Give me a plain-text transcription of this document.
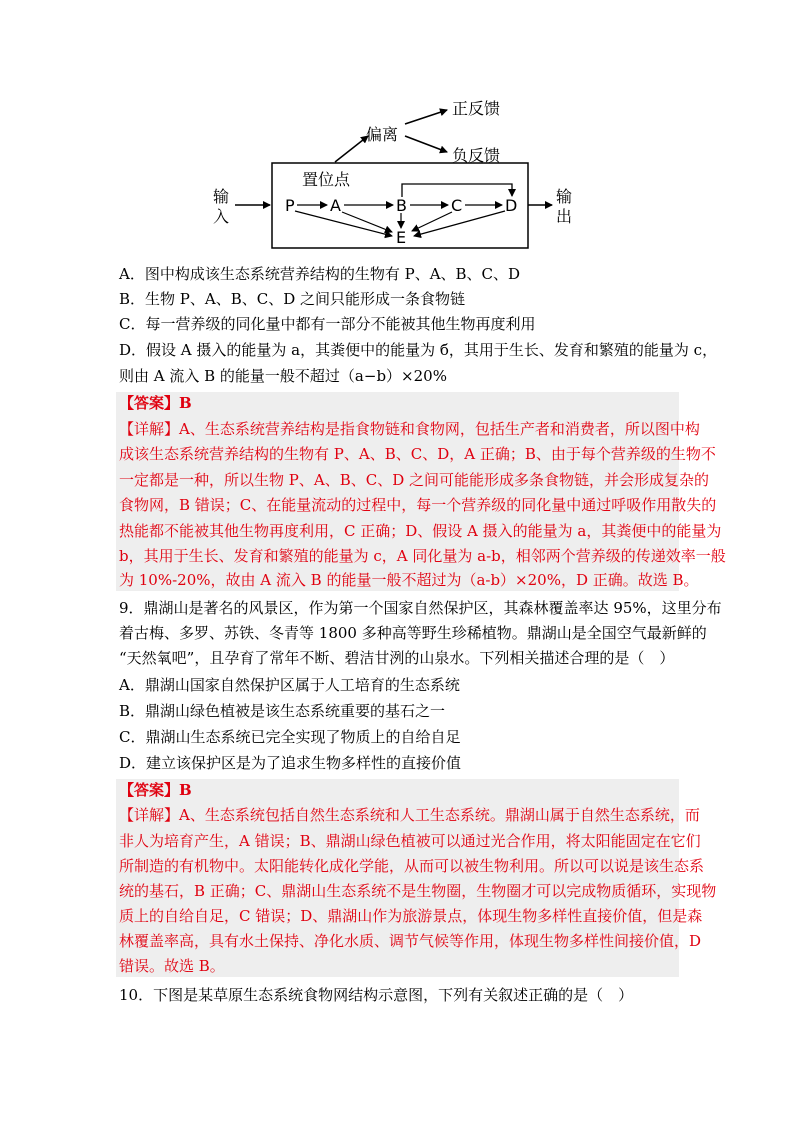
输
入
输
出
置位点
偏离
正反馈
负反馈
P A	B	C	D
E
A．图中构成该生态系统营养结构的生物有 P、A、B、C、D
B．生物 P、A、B、C、D 之间只能形成一条食物链
C．每一营养级的同化量中都有一部分不能被其他生物再度利用
D．假设 A 摄入的能量为 a，其粪便中的能量为 б，其用于生长、发育和繁殖的能量为 c，
则由 A 流入 B 的能量一般不超过（a−b）×20%
【答案】B
【详解】A、生态系统营养结构是指食物链和食物网，包括生产者和消费者，所以图中构
成该生态系统营养结构的生物有 P、A、B、C、D，A 正确；B、由于每个营养级的生物不
一定都是一种，所以生物 P、A、B、C、D 之间可能能形成多条食物链，并会形成复杂的
食物网，B 错误；C、在能量流动的过程中，每一个营养级的同化量中通过呼吸作用散失的
热能都不能被其他生物再度利用，C 正确；D、假设 A 摄入的能量为 a，其粪便中的能量为
b，其用于生长、发育和繁殖的能量为 c，A 同化量为 a-b，相邻两个营养级的传递效率一般
为 10%-20%，故由 A 流入 B 的能量一般不超过为（a-b）×20%，D 正确。故选 B。
9．鼎湖山是著名的风景区，作为第一个国家自然保护区，其森林覆盖率达 95%，这里分布
着古梅、多罗、苏铁、冬青等 1800 多种高等野生珍稀植物。鼎湖山是全国空气最新鲜的
“天然氧吧”，且孕育了常年不断、碧洁甘洌的山泉水。下列相关描述合理的是（　）
A．鼎湖山国家自然保护区属于人工培育的生态系统
B．鼎湖山绿色植被是该生态系统重要的基石之一
C．鼎湖山生态系统已完全实现了物质上的自给自足
D．建立该保护区是为了追求生物多样性的直接价值
【答案】B
【详解】A、生态系统包括自然生态系统和人工生态系统。鼎湖山属于自然生态系统，而
非人为培育产生，A 错误；B、鼎湖山绿色植被可以通过光合作用，将太阳能固定在它们
所制造的有机物中。太阳能转化成化学能，从而可以被生物利用。所以可以说是该生态系
统的基石，B 正确；C、鼎湖山生态系统不是生物圈，生物圈才可以完成物质循环，实现物
质上的自给自足，C 错误；D、鼎湖山作为旅游景点，体现生物多样性直接价值，但是森
林覆盖率高，具有水土保持、净化水质、调节气候等作用，体现生物多样性间接价值，D
错误。故选 B。
10．下图是某草原生态系统食物网结构示意图，下列有关叙述正确的是（　）
